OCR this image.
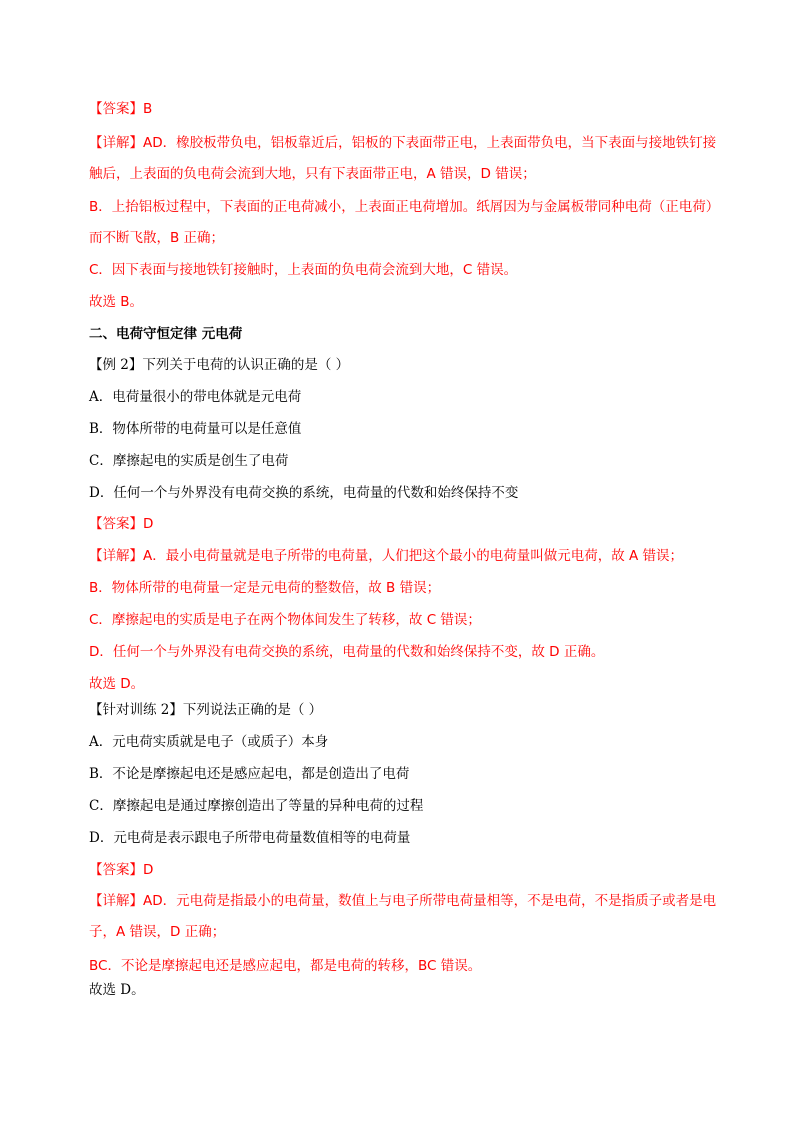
【答案】B
【详解】AD．橡胶板带负电，铝板靠近后，铝板的下表面带正电，上表面带负电，当下表面与接地铁钉接触后，上表面的负电荷会流到大地，只有下表面带正电，A 错误，D 错误；
B．上抬铝板过程中，下表面的正电荷减小，上表面正电荷增加。纸屑因为与金属板带同种电荷（正电荷）而不断飞散，B 正确；
C．因下表面与接地铁钉接触时，上表面的负电荷会流到大地，C 错误。
故选 B。
二、电荷守恒定律 元电荷
【例 2】下列关于电荷的认识正确的是（ ）
A．电荷量很小的带电体就是元电荷
B．物体所带的电荷量可以是任意值
C．摩擦起电的实质是创生了电荷
D．任何一个与外界没有电荷交换的系统，电荷量的代数和始终保持不变
【答案】D
【详解】A．最小电荷量就是电子所带的电荷量，人们把这个最小的电荷量叫做元电荷，故 A 错误；
B．物体所带的电荷量一定是元电荷的整数倍，故 B 错误；
C．摩擦起电的实质是电子在两个物体间发生了转移，故 C 错误；
D．任何一个与外界没有电荷交换的系统，电荷量的代数和始终保持不变，故 D 正确。
故选 D。
【针对训练 2】下列说法正确的是（ ）
A．元电荷实质就是电子（或质子）本身
B．不论是摩擦起电还是感应起电，都是创造出了电荷
C．摩擦起电是通过摩擦创造出了等量的异种电荷的过程
D．元电荷是表示跟电子所带电荷量数值相等的电荷量
【答案】D
【详解】AD．元电荷是指最小的电荷量，数值上与电子所带电荷量相等，不是电荷，不是指质子或者是电子，A 错误，D 正确；
BC．不论是摩擦起电还是感应起电，都是电荷的转移，BC 错误。
故选 D。
